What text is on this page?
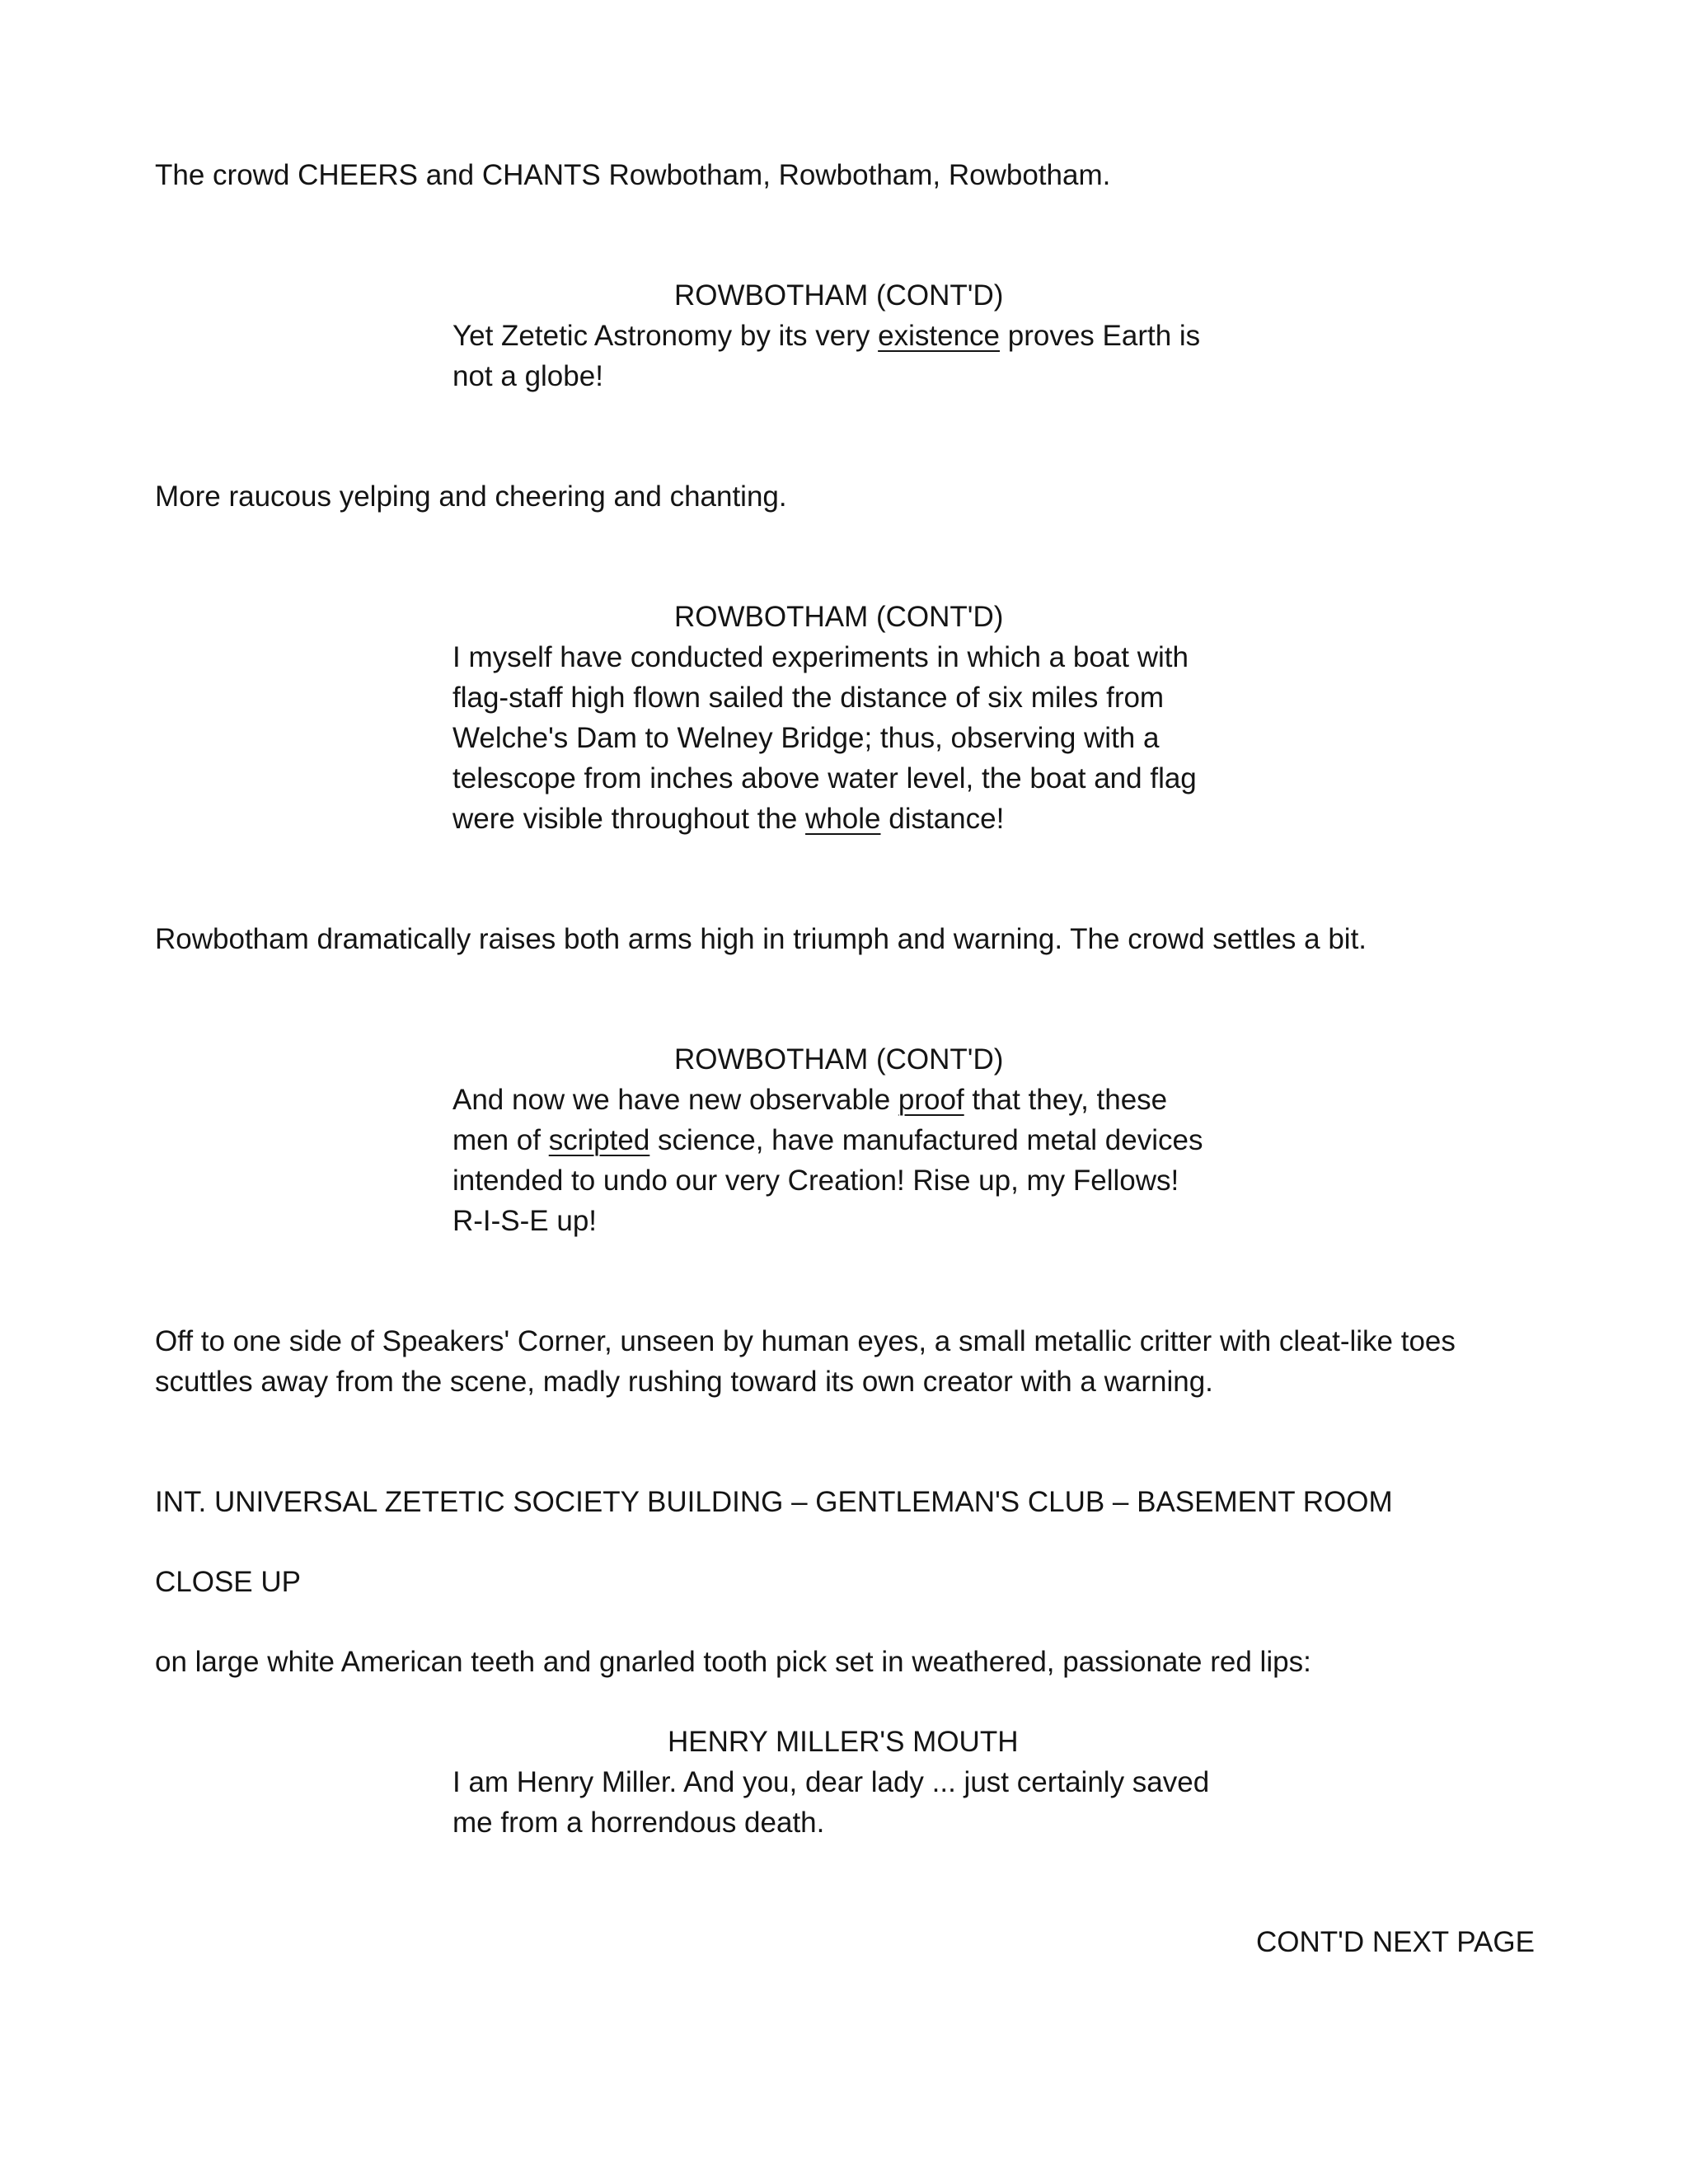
The crowd CHEERS and CHANTS Rowbotham, Rowbotham, Rowbotham.
ROWBOTHAM (CONT'D)
Yet Zetetic Astronomy by its very existence proves Earth is
not a globe!
More raucous yelping and cheering and chanting.
ROWBOTHAM (CONT'D)
I myself have conducted experiments in which a boat with
flag-staff high flown sailed the distance of six miles from
Welche's Dam to Welney Bridge; thus, observing with a
telescope from inches above water level, the boat and flag
were visible throughout the whole distance!
Rowbotham dramatically raises both arms high in triumph and warning. The crowd settles a bit.
ROWBOTHAM (CONT'D)
And now we have new observable proof that they, these
men of scripted science, have manufactured metal devices
intended to undo our very Creation! Rise up, my Fellows!
R-I-S-E up!
Off to one side of Speakers' Corner, unseen by human eyes, a small metallic critter with cleat-like toes
scuttles away from the scene, madly rushing toward its own creator with a warning.
INT. UNIVERSAL ZETETIC SOCIETY BUILDING – GENTLEMAN'S CLUB – BASEMENT ROOM
CLOSE UP
on large white American teeth and gnarled tooth pick set in weathered, passionate red lips:
HENRY MILLER'S MOUTH
I am Henry Miller. And you, dear lady ... just certainly saved
me from a horrendous death.
CONT'D NEXT PAGE
